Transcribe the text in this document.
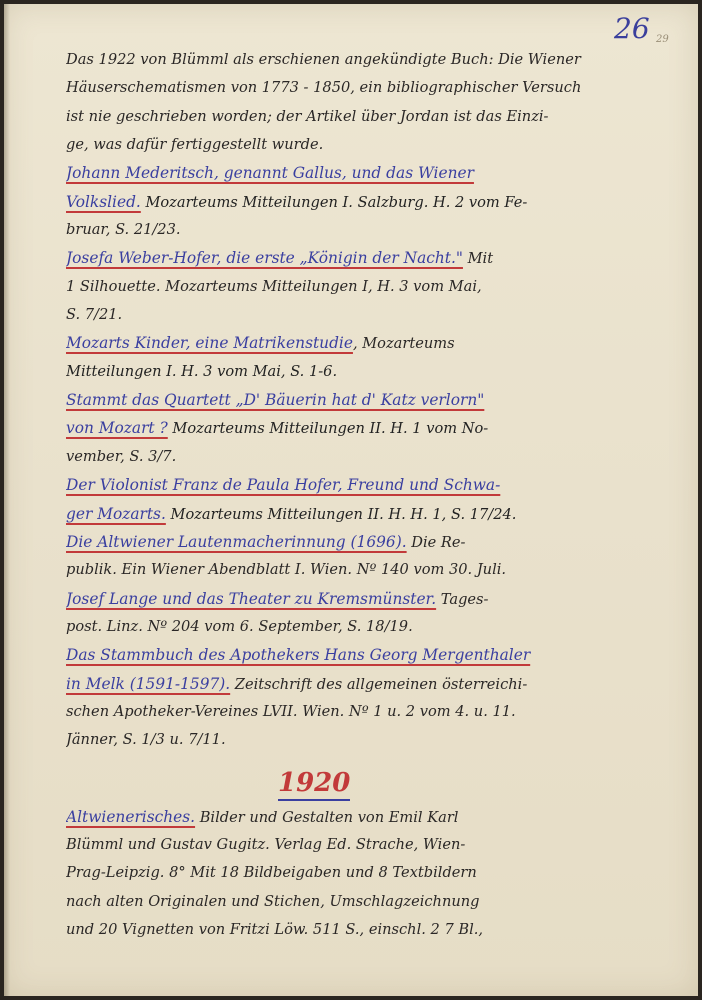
26 29
Das 1922 von Blümml als erschienen angekündigte Buch: Die Wiener
Häuserschematismen von 1773 - 1850, ein bibliographischer Versuch
ist nie geschrieben worden; der Artikel über Jordan ist das Einzi-
ge, was dafür fertiggestellt wurde.
Johann Mederitsch, genannt Gallus, und das Wiener
Volkslied. Mozarteums Mitteilungen I. Salzburg. H. 2 vom Fe-
bruar, S. 21/23.
Josefa Weber-Hofer, die erste „Königin der Nacht." Mit
1 Silhouette. Mozarteums Mitteilungen I, H. 3 vom Mai,
S. 7/21.
Mozarts Kinder, eine Matrikenstudie, Mozarteums
Mitteilungen I. H. 3 vom Mai, S. 1-6.
Stammt das Quartett „D' Bäuerin hat d' Katz verlorn"
von Mozart ? Mozarteums Mitteilungen II. H. 1 vom No-
vember, S. 3/7.
Der Violonist Franz de Paula Hofer, Freund und Schwa-
ger Mozarts. Mozarteums Mitteilungen II. H. H. 1, S. 17/24.
Die Altwiener Lautenmacherinnung (1696). Die Re-
publik. Ein Wiener Abendblatt I. Wien. Nº 140 vom 30. Juli.
Josef Lange und das Theater zu Kremsmünster. Tages-
post. Linz. Nº 204 vom 6. September, S. 18/19.
Das Stammbuch des Apothekers Hans Georg Mergenthaler
in Melk (1591-1597). Zeitschrift des allgemeinen österreichi-
schen Apotheker-Vereines LVII. Wien. Nº 1 u. 2 vom 4. u. 11.
Jänner, S. 1/3 u. 7/11.
1920
Altwienerisches. Bilder und Gestalten von Emil Karl
Blümml und Gustav Gugitz. Verlag Ed. Strache, Wien-
Prag-Leipzig. 8° Mit 18 Bildbeigaben und 8 Textbildern
nach alten Originalen und Stichen, Umschlagzeichnung
und 20 Vignetten von Fritzi Löw. 511 S., einschl. 2 7 Bl.,
